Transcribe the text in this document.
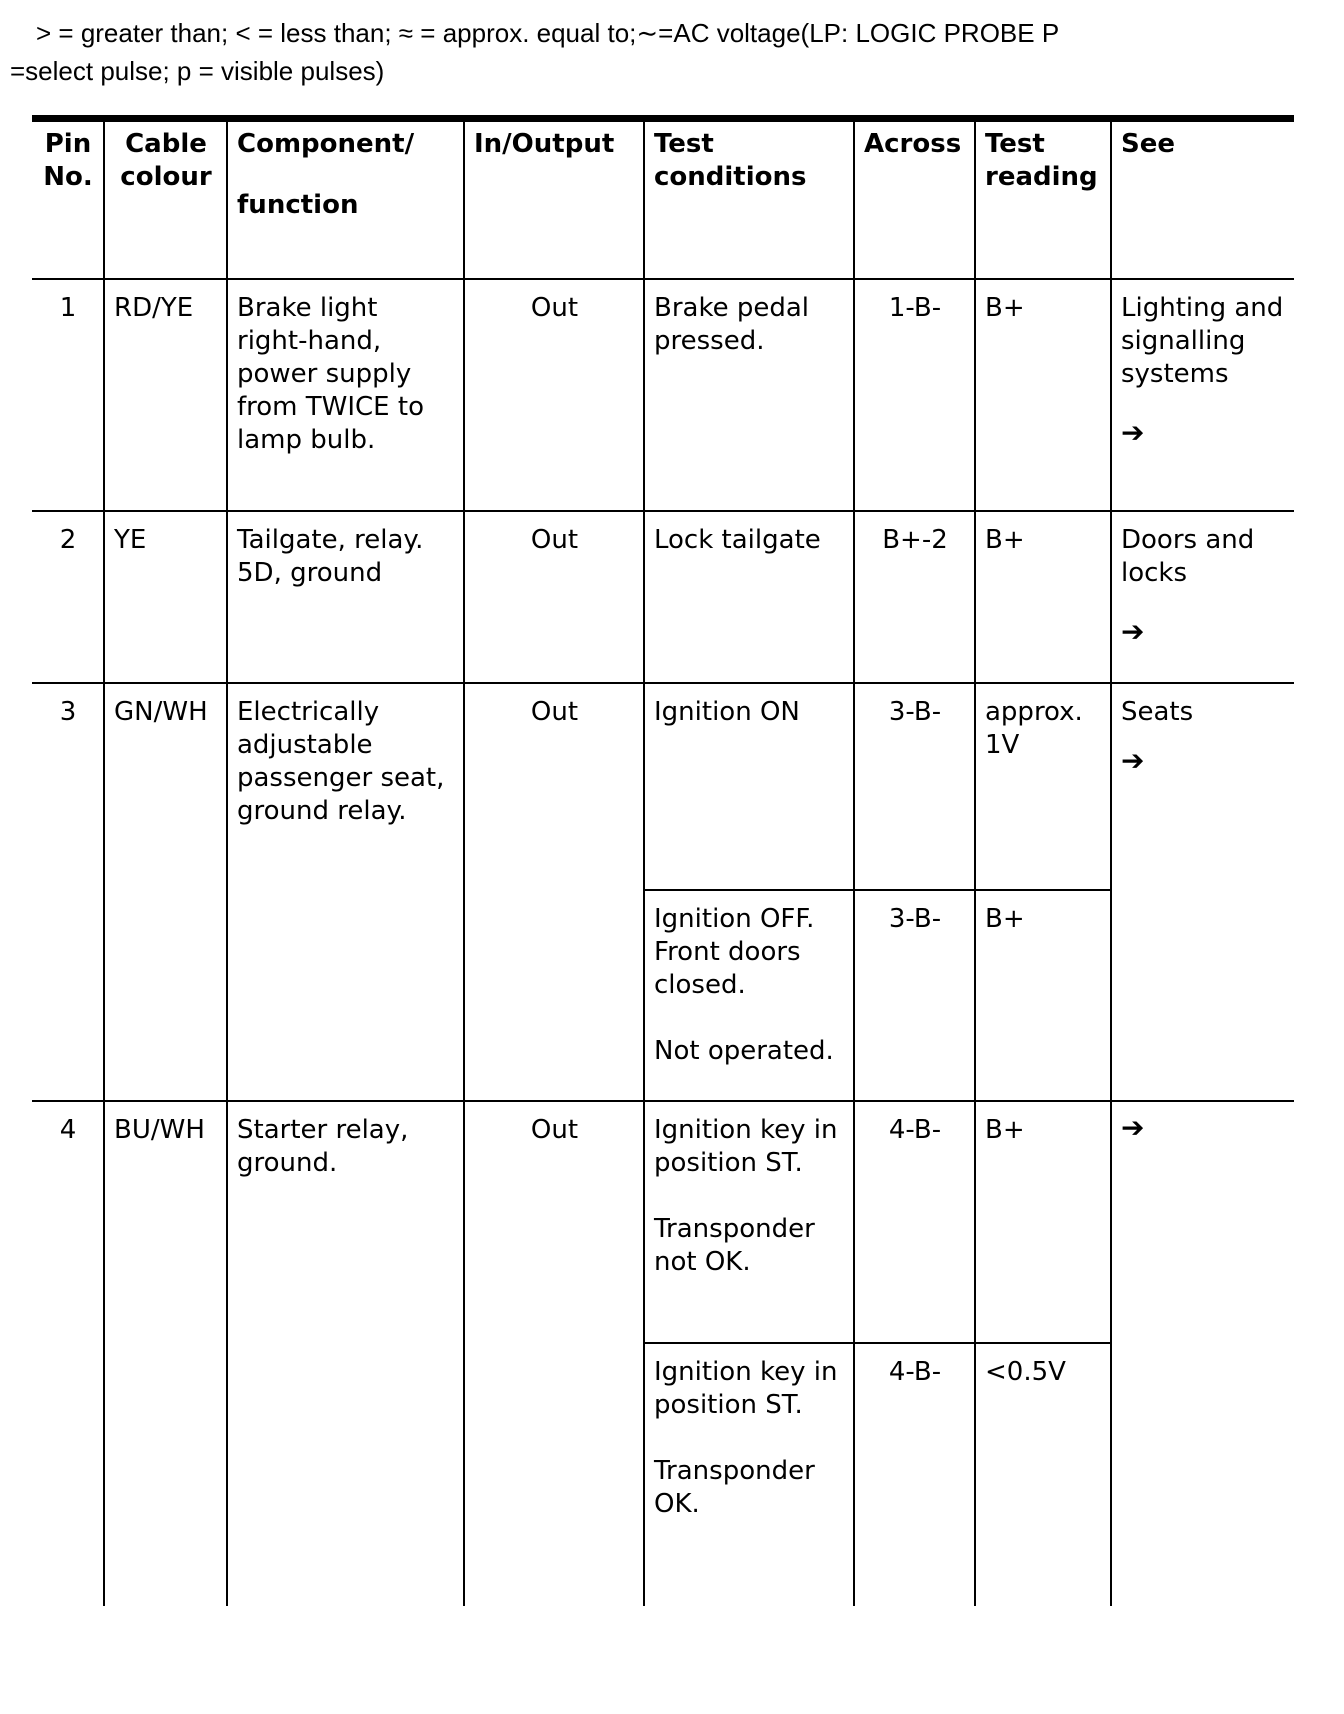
> = greater than; < = less than; ≈ = approx. equal to;∼=AC voltage(LP: LOGIC PROBE P
=select pulse; p = visible pulses)
Pin No.	Cable colour	Component/
function	In/Output	Test conditions	Across	Test reading	See
1	RD/YE	Brake light right-hand, power supply from TWICE to lamp bulb.	Out	Brake pedal pressed.	1-B-	B+	Lighting and signalling systems
➔

2	YE	Tailgate, relay. 5D, ground	Out	Lock tailgate	B+-2	B+	Doors and locks
➔

3	GN/WH	Electrically adjustable passenger seat, ground relay.	Out	Ignition ON	3-B-	approx. 1V	Seats
➔

				Ignition OFF. Front doors closed.
Not operated.	3-B-	B+	
4	BU/WH	Starter relay, ground.	Out	Ignition key in position ST.
Transponder not OK.	4-B-	B+	➔

				Ignition key in position ST.
Transponder OK.	4-B-	<0.5V	
